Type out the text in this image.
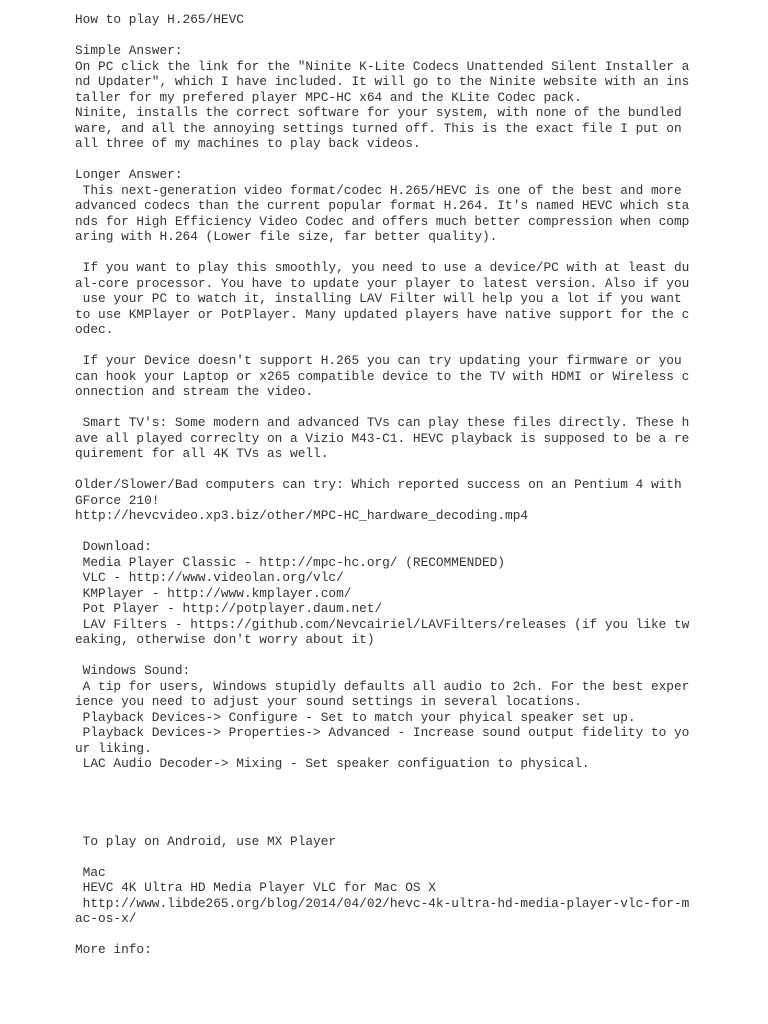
How to play H.265/HEVC
Simple Answer:
On PC click the link for the "Ninite K-Lite Codecs Unattended Silent Installer a
nd Updater", which I have included. It will go to the Ninite website with an ins
taller for my prefered player MPC-HC x64 and the KLite Codec pack.
Ninite, installs the correct software for your system, with none of the bundled
ware, and all the annoying settings turned off. This is the exact file I put on
all three of my machines to play back videos.
Longer Answer:
This next-generation video format/codec H.265/HEVC is one of the best and more
advanced codecs than the current popular format H.264. It's named HEVC which sta
nds for High Efficiency Video Codec and offers much better compression when comp
aring with H.264 (Lower file size, far better quality).
If you want to play this smoothly, you need to use a device/PC with at least du
al-core processor. You have to update your player to latest version. Also if you
use your PC to watch it, installing LAV Filter will help you a lot if you want
to use KMPlayer or PotPlayer. Many updated players have native support for the c
odec.
If your Device doesn't support H.265 you can try updating your firmware or you
can hook your Laptop or x265 compatible device to the TV with HDMI or Wireless c
onnection and stream the video.
Smart TV's: Some modern and advanced TVs can play these files directly. These h
ave all played correclty on a Vizio M43-C1. HEVC playback is supposed to be a re
quirement for all 4K TVs as well.
Older/Slower/Bad computers can try: Which reported success on an Pentium 4 with
GForce 210!
http://hevcvideo.xp3.biz/other/MPC-HC_hardware_decoding.mp4
Download:
Media Player Classic - http://mpc-hc.org/ (RECOMMENDED)
VLC - http://www.videolan.org/vlc/
KMPlayer - http://www.kmplayer.com/
Pot Player - http://potplayer.daum.net/
LAV Filters - https://github.com/Nevcairiel/LAVFilters/releases (if you like tw
eaking, otherwise don't worry about it)
Windows Sound:
A tip for users, Windows stupidly defaults all audio to 2ch. For the best exper
ience you need to adjust your sound settings in several locations.
Playback Devices-> Configure - Set to match your phyical speaker set up.
Playback Devices-> Properties-> Advanced - Increase sound output fidelity to yo
ur liking.
LAC Audio Decoder-> Mixing - Set speaker configuation to physical.
To play on Android, use MX Player
Mac
HEVC 4K Ultra HD Media Player VLC for Mac OS X
http://www.libde265.org/blog/2014/04/02/hevc-4k-ultra-hd-media-player-vlc-for-m
ac-os-x/
More info:
